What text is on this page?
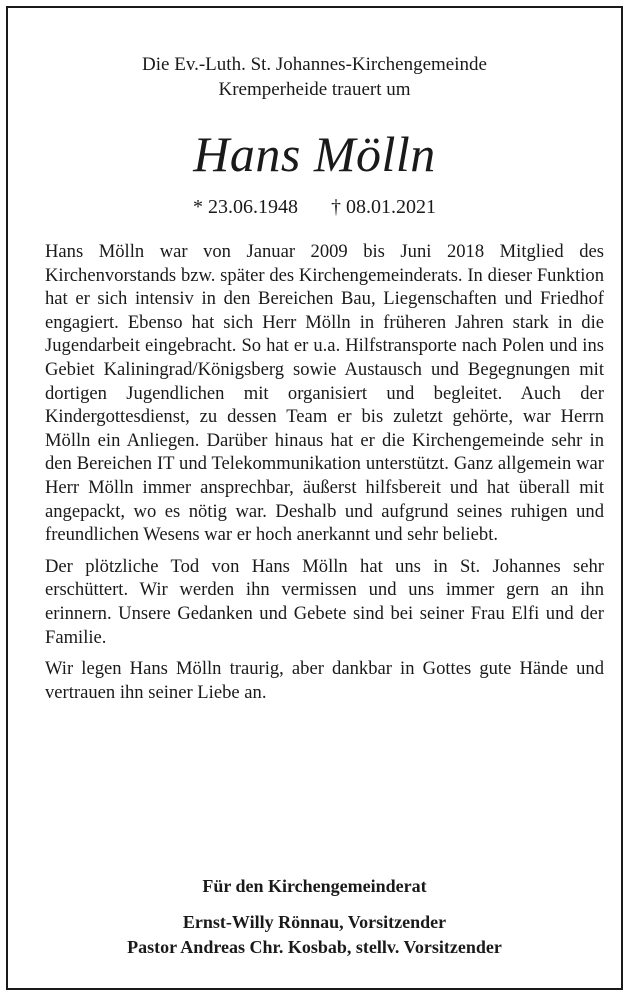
Die Ev.-Luth. St. Johannes-Kirchengemeinde
Kremperheide trauert um
Hans Mölln
* 23.06.1948 † 08.01.2021

Hans Mölln war von Januar 2009 bis Juni 2018 Mitglied des Kirchenvorstands bzw. später des Kirchengemeinderats. In dieser Funktion hat er sich intensiv in den Bereichen Bau, Liegenschaften und Friedhof engagiert. Ebenso hat sich Herr Mölln in früheren Jahren stark in die Jugendarbeit eingebracht. So hat er u.a. Hilfstransporte nach Polen und ins Gebiet Kaliningrad/Königsberg sowie Austausch und Begegnungen mit dortigen Jugendlichen mit organisiert und begleitet. Auch der Kindergottesdienst, zu dessen Team er bis zuletzt gehörte, war Herrn Mölln ein Anliegen. Darüber hinaus hat er die Kirchengemeinde sehr in den Bereichen IT und Telekommunikation unterstützt. Ganz allgemein war Herr Mölln immer ansprechbar, äußerst hilfsbereit und hat überall mit angepackt, wo es nötig war. Deshalb und aufgrund seines ruhigen und freundlichen Wesens war er hoch anerkannt und sehr beliebt.

Der plötzliche Tod von Hans Mölln hat uns in St. Johannes sehr erschüttert. Wir werden ihn vermissen und uns immer gern an ihn erinnern. Unsere Gedanken und Gebete sind bei seiner Frau Elfi und der Familie.

Wir legen Hans Mölln traurig, aber dankbar in Gottes gute Hände und vertrauen ihn seiner Liebe an.

Für den Kirchengemeinderat
Ernst-Willy Rönnau, Vorsitzender
Pastor Andreas Chr. Kosbab, stellv. Vorsitzender
